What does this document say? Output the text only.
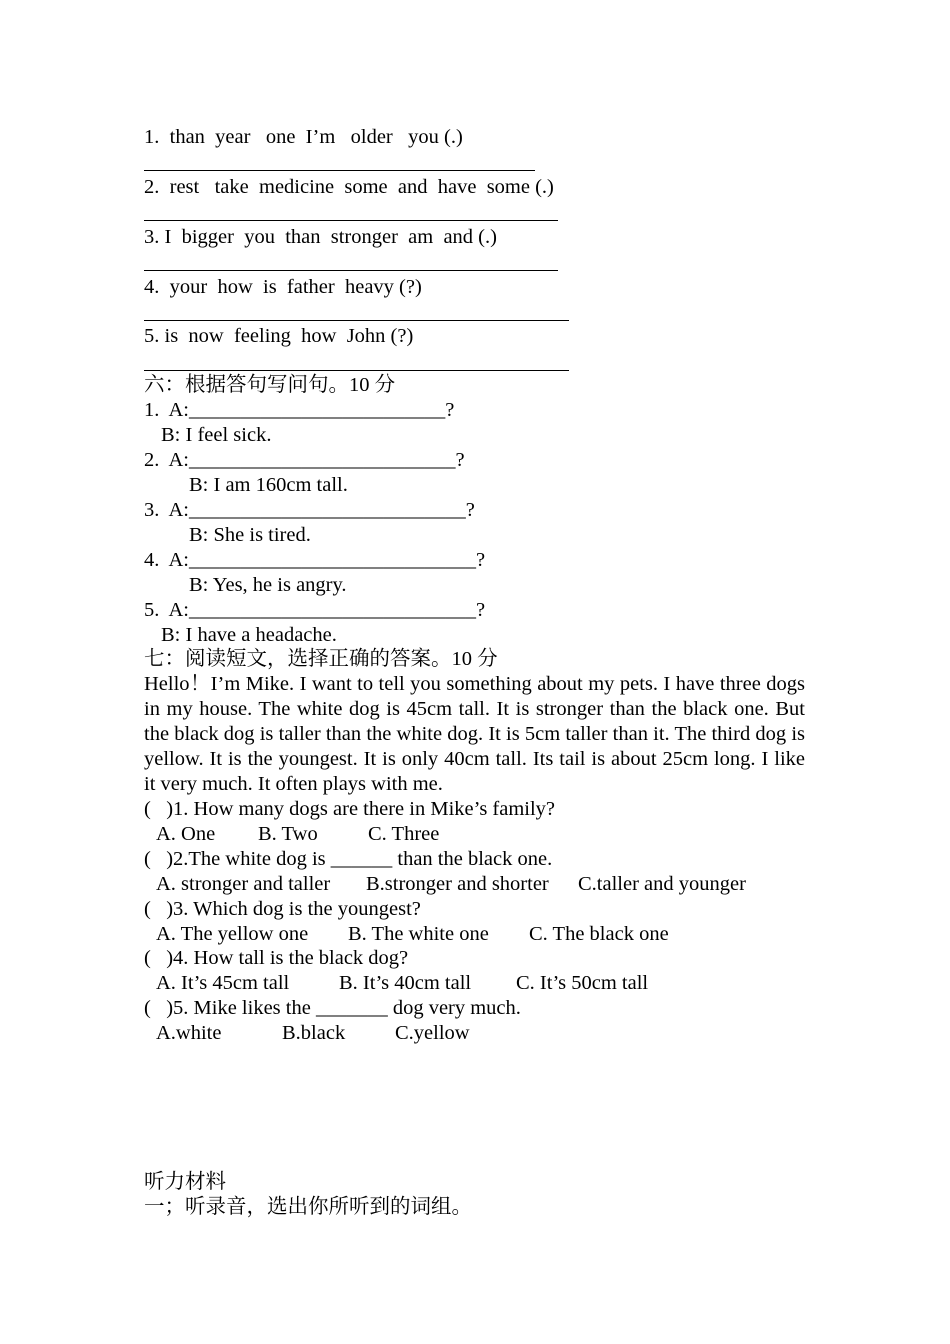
1.  than  year   one  I’m   older   you (.)
2.  rest   take  medicine  some  and  have  some (.)
3. I  bigger  you  than  stronger  am  and (.)
4.  your  how  is  father  heavy (?)
5. is  now  feeling  how  John (?)
六：根据答句写问句。10 分
1.  A:_________________________?
B: I feel sick.
2.  A:__________________________?
B: I am 160cm tall.
3.  A:___________________________?
B: She is tired.
4.  A:____________________________?
B: Yes, he is angry.
5.  A:____________________________?
B: I have a headache.
七：阅读短文，选择正确的答案。10 分
Hello！I’m Mike. I want to tell you something about my pets. I have three dogs in my house. The white dog is 45cm tall. It is stronger than the black one. But the black dog is taller than the white dog. It is 5cm taller than it. The third dog is yellow. It is the youngest. It is only 40cm tall. Its tail is about 25cm long. I like it very much. It often plays with me.
(   )1. How many dogs are there in Mike’s family?
A. One B. Two C. Three
(   )2.The white dog is ______ than the black one.
A. stronger and taller B.stronger and shorter C.taller and younger
(   )3. Which dog is the youngest?
A. The yellow one B. The white one C. The black one
(   )4. How tall is the black dog?
A. It’s 45cm tall B. It’s 40cm tall C. It’s 50cm tall
(   )5. Mike likes the _______ dog very much.
A.white	B.black C.yellow
听力材料
一；听录音，选出你所听到的词组。
